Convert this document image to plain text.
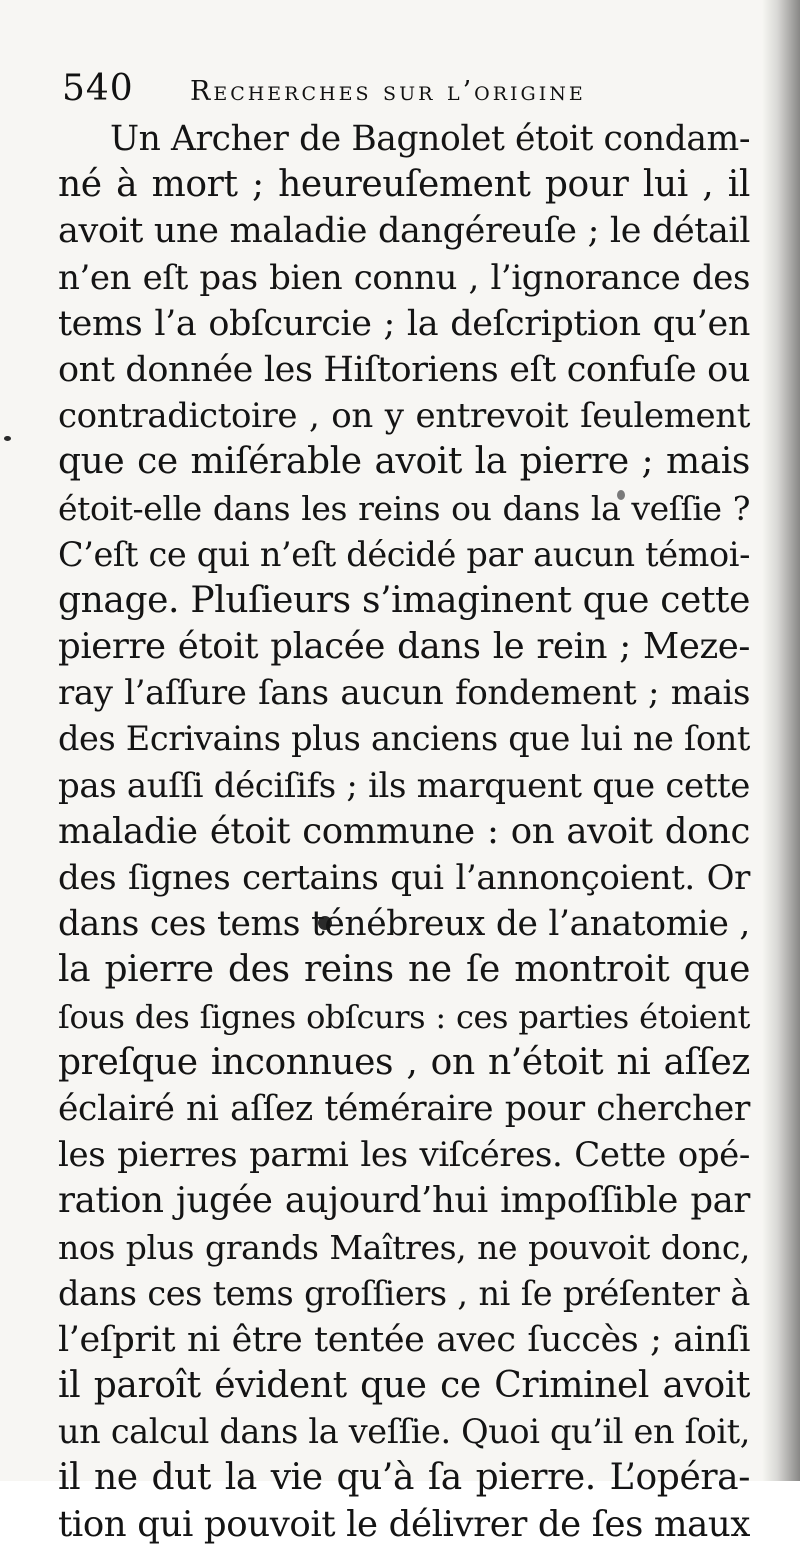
540	Recherches sur l’origine
Un Archer de Bagnolet étoit condam-
né à mort ; heureuſement pour lui , il
avoit une maladie dangéreuſe ; le détail
n’en eſt pas bien connu , l’ignorance des
tems l’a obſcurcie ; la deſcription qu’en
ont donnée les Hiſtoriens eſt confuſe ou
contradictoire , on y entrevoit ſeulement
que ce miſérable avoit la pierre ; mais
étoit-elle dans les reins ou dans la veſſie ?
C’eſt ce qui n’eſt décidé par aucun témoi-
gnage. Pluſieurs s’imaginent que cette
pierre étoit placée dans le rein ; Meze-
ray l’aſſure ſans aucun fondement ; mais
des Ecrivains plus anciens que lui ne ſont
pas auſſi déciſifs ; ils marquent que cette
maladie étoit commune : on avoit donc
des ſignes certains qui l’annonçoient. Or
dans ces tems ténébreux de l’anatomie ,
la pierre des reins ne ſe montroit que
ſous des ſignes obſcurs : ces parties étoient
preſque inconnues , on n’étoit ni aſſez
éclairé ni aſſez téméraire pour chercher
les pierres parmi les viſcéres. Cette opé-
ration jugée aujourd’hui impoſſible par
nos plus grands Maîtres, ne pouvoit donc,
dans ces tems groſſiers , ni ſe préſenter à
l’eſprit ni être tentée avec ſuccès ; ainſi
il paroît évident que ce Criminel avoit
un calcul dans la veſſie. Quoi qu’il en ſoit,
il ne dut la vie qu’à ſa pierre. L’opéra-
tion qui pouvoit le délivrer de ſes maux
